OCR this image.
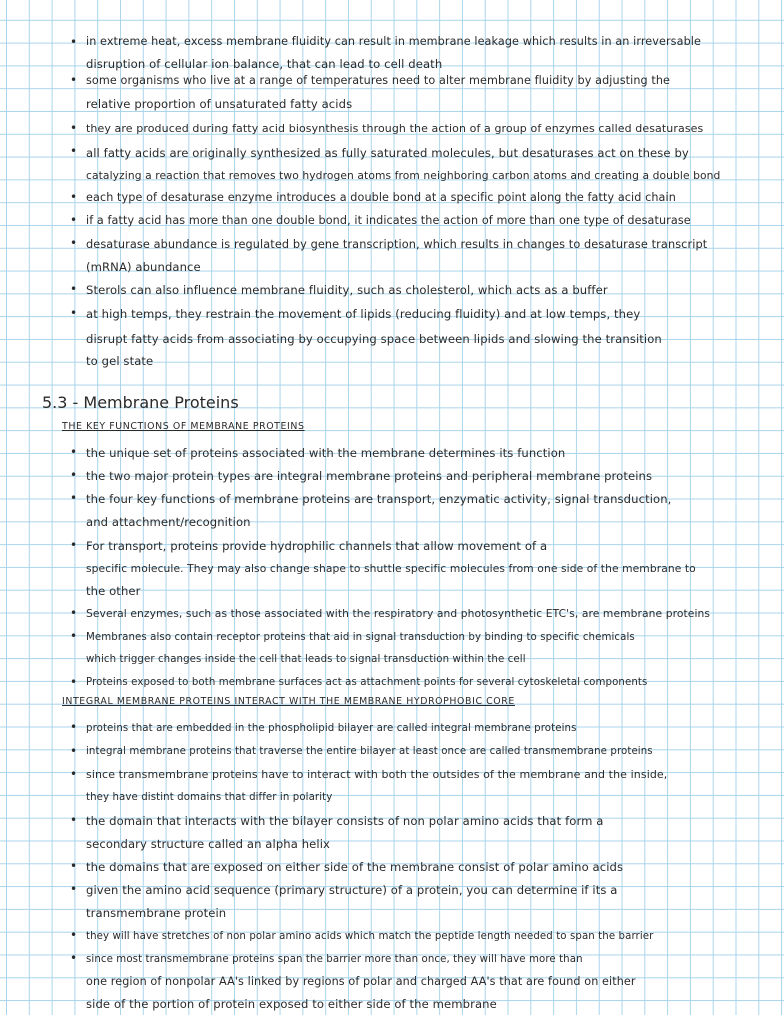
• in extreme heat, excess membrane fluidity can result in membrane leakage which results in an irreversable
disruption of cellular ion balance, that can lead to cell death
• some organisms who live at a range of temperatures need to alter membrane fluidity by adjusting the
relative proportion of unsaturated fatty acids
• they are produced during fatty acid biosynthesis through the action of a group of enzymes called desaturases
• all fatty acids are originally synthesized as fully saturated molecules, but desaturases act on these by
catalyzing a reaction that removes two hydrogen atoms from neighboring carbon atoms and creating a double bond
• each type of desaturase enzyme introduces a double bond at a specific point along the fatty acid chain
• if a fatty acid has more than one double bond, it indicates the action of more than one type of desaturase
• desaturase abundance is regulated by gene transcription, which results in changes to desaturase transcript
(mRNA) abundance
• Sterols can also influence membrane fluidity, such as cholesterol, which acts as a buffer
• at high temps, they restrain the movement of lipids (reducing fluidity) and at low temps, they
disrupt fatty acids from associating by occupying space between lipids and slowing the transition
to gel state
5.3 - Membrane Proteins
THE KEY FUNCTIONS OF MEMBRANE PROTEINS
• the unique set of proteins associated with the membrane determines its function
• the two major protein types are integral membrane proteins and peripheral membrane proteins
• the four key functions of membrane proteins are transport, enzymatic activity, signal transduction,
and attachment/recognition
• For transport, proteins provide hydrophilic channels that allow movement of a
specific molecule. They may also change shape to shuttle specific molecules from one side of the membrane to
the other
• Several enzymes, such as those associated with the respiratory and photosynthetic ETC's, are membrane proteins
• Membranes also contain receptor proteins that aid in signal transduction by binding to specific chemicals
which trigger changes inside the cell that leads to signal transduction within the cell
• Proteins exposed to both membrane surfaces act as attachment points for several cytoskeletal components
INTEGRAL MEMBRANE PROTEINS INTERACT WITH THE MEMBRANE HYDROPHOBIC CORE
• proteins that are embedded in the phospholipid bilayer are called integral membrane proteins
• integral membrane proteins that traverse the entire bilayer at least once are called transmembrane proteins
• since transmembrane proteins have to interact with both the outsides of the membrane and the inside,
they have distint domains that differ in polarity
• the domain that interacts with the bilayer consists of non polar amino acids that form a
secondary structure called an alpha helix
• the domains that are exposed on either side of the membrane consist of polar amino acids
• given the amino acid sequence (primary structure) of a protein, you can determine if its a
transmembrane protein
• they will have stretches of non polar amino acids which match the peptide length needed to span the barrier
• since most transmembrane proteins span the barrier more than once, they will have more than
one region of nonpolar AA's linked by regions of polar and charged AA's that are found on either
side of the portion of protein exposed to either side of the membrane
